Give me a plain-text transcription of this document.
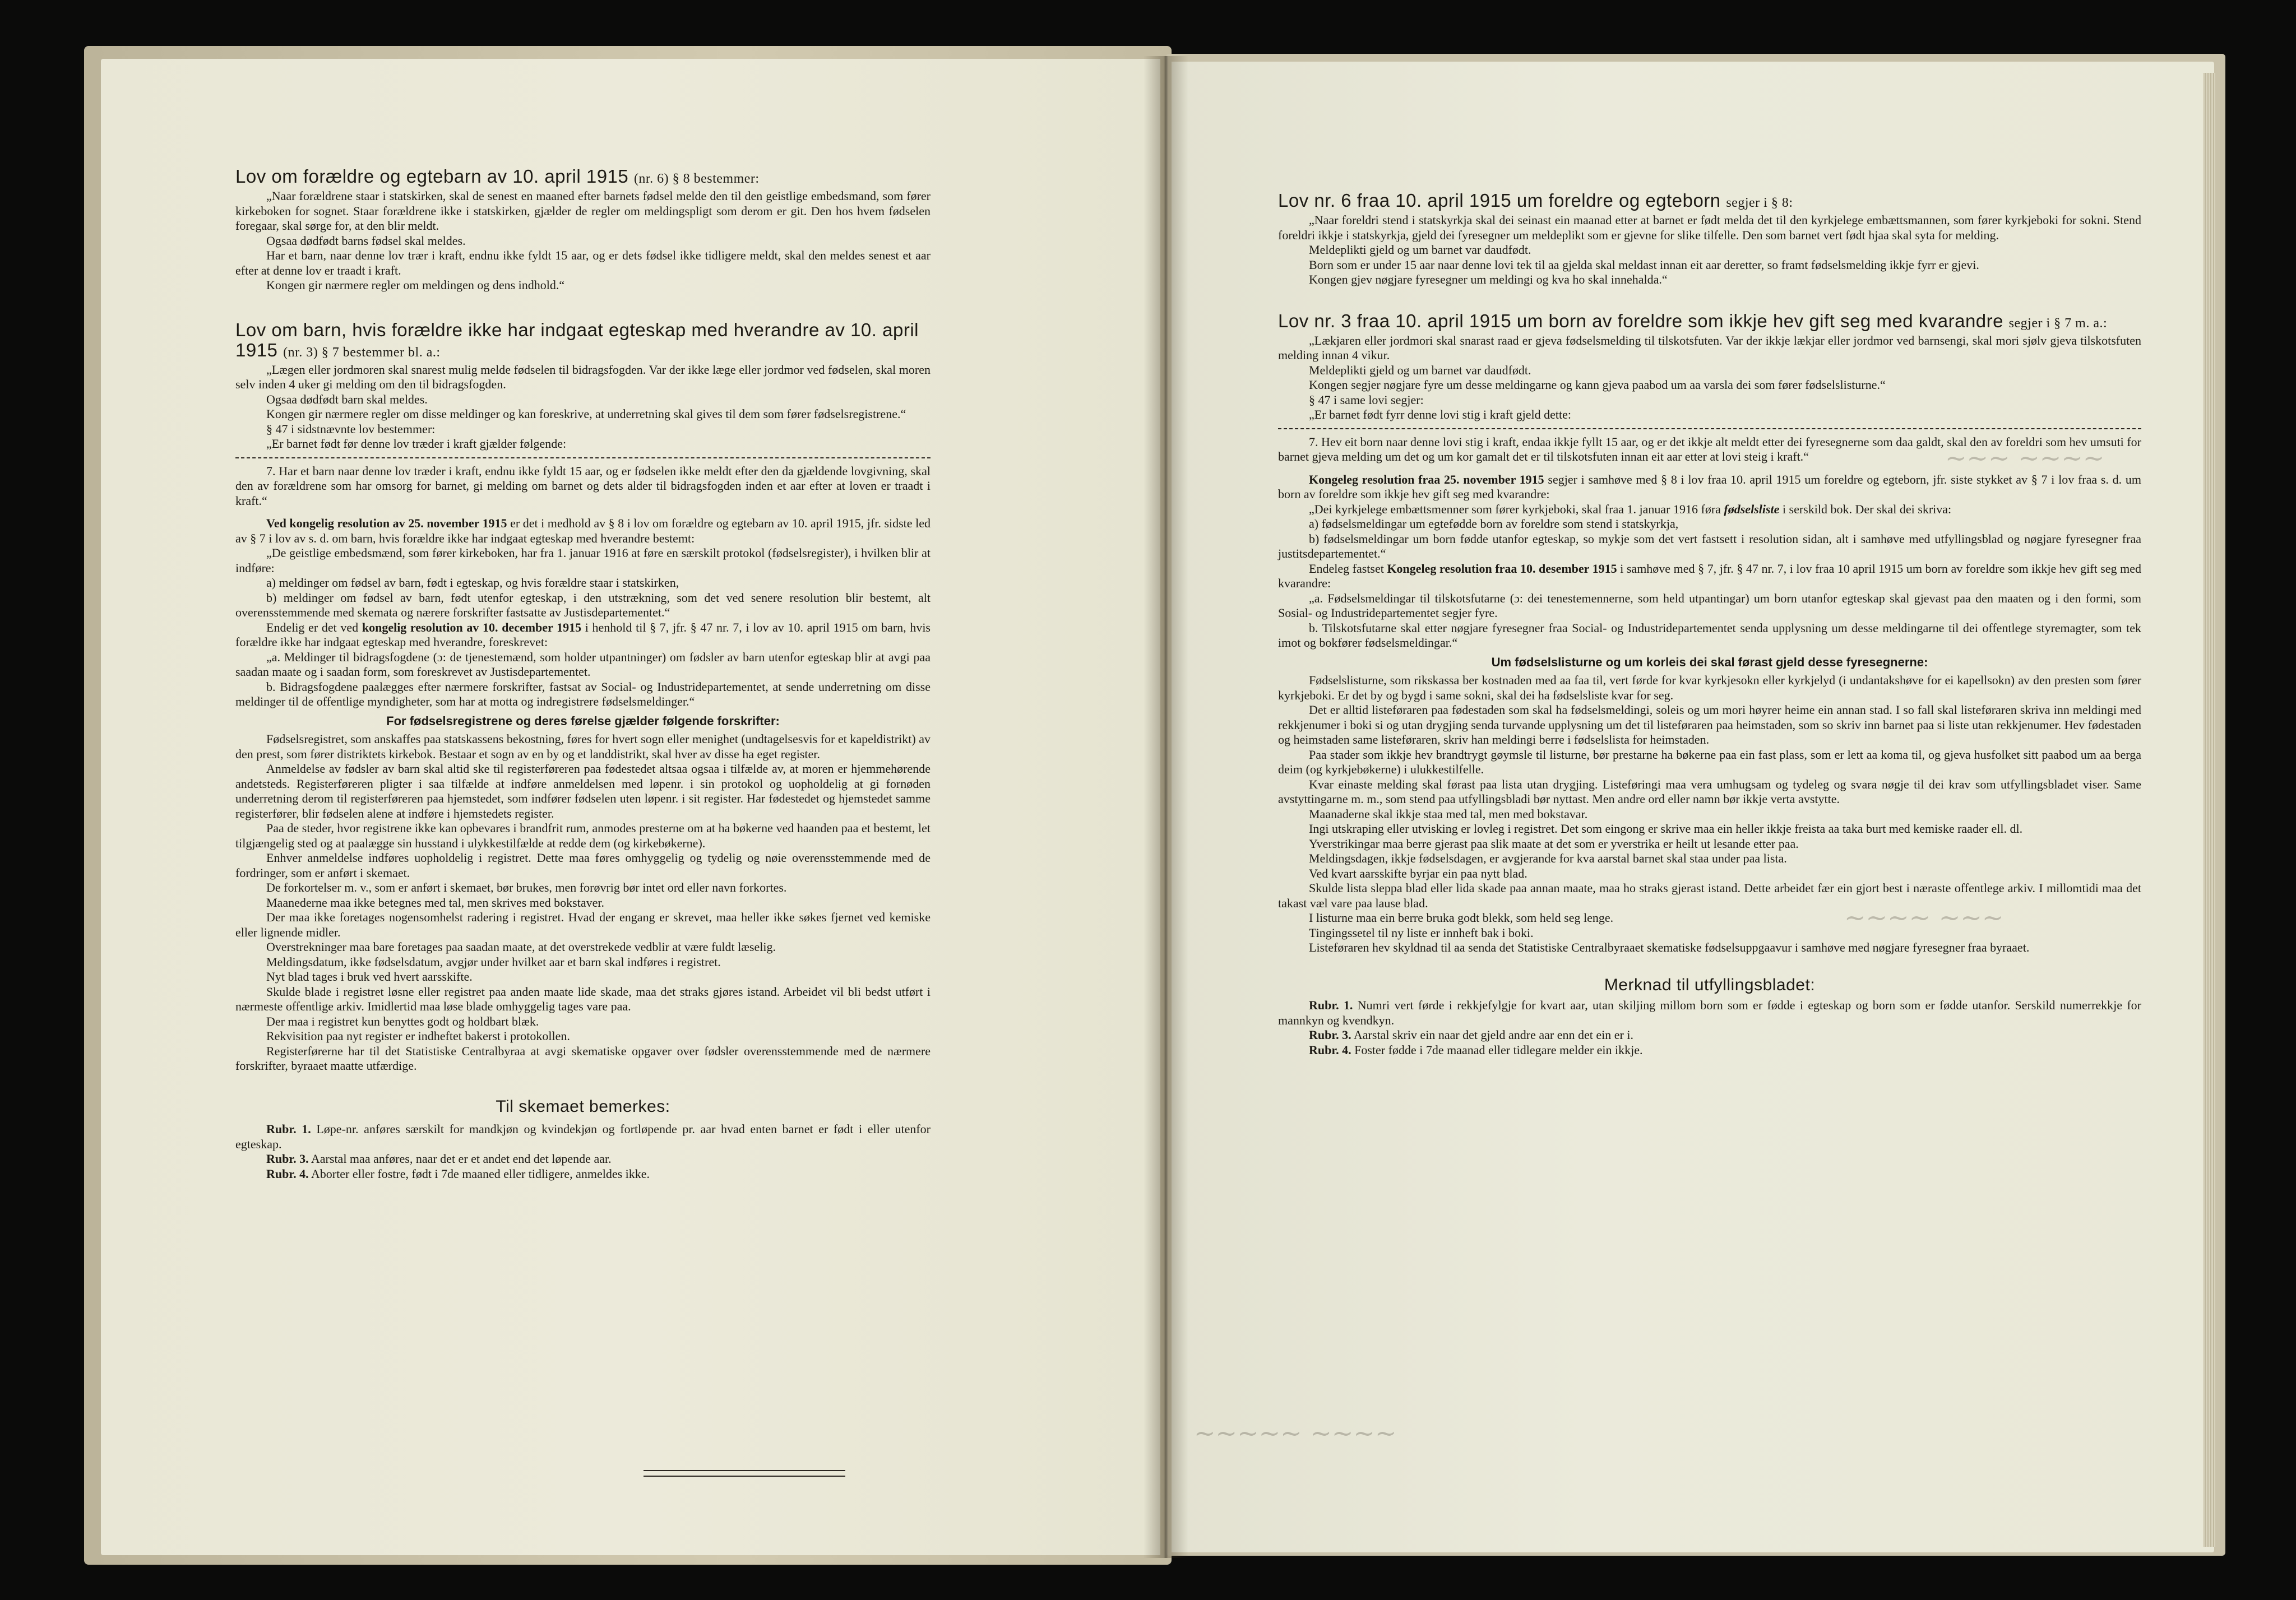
Lov om forældre og egtebarn av 10. april 1915 (nr. 6) § 8 bestemmer:

„Naar forældrene staar i statskirken, skal de senest en maaned efter barnets fødsel melde den til den geistlige embedsmand, som fører kirkeboken for sognet. Staar forældrene ikke i statskirken, gjælder de regler om meldingspligt som derom er git. Den hos hvem fødselen foregaar, skal sørge for, at den blir meldt.

Ogsaa dødfødt barns fødsel skal meldes.

Har et barn, naar denne lov trær i kraft, endnu ikke fyldt 15 aar, og er dets fødsel ikke tidligere meldt, skal den meldes senest et aar efter at denne lov er traadt i kraft.

Kongen gir nærmere regler om meldingen og dens indhold.“

Lov om barn, hvis forældre ikke har indgaat egteskap med hverandre av 10. april 1915 (nr. 3) § 7 bestemmer bl. a.:

„Lægen eller jordmoren skal snarest mulig melde fødselen til bidragsfogden. Var der ikke læge eller jordmor ved fødselen, skal moren selv inden 4 uker gi melding om den til bidragsfogden.

Ogsaa dødfødt barn skal meldes.

Kongen gir nærmere regler om disse meldinger og kan foreskrive, at underretning skal gives til dem som fører fødselsregistrene.“

§ 47 i sidstnævnte lov bestemmer:

„Er barnet født før denne lov træder i kraft gjælder følgende:

7. Har et barn naar denne lov træder i kraft, endnu ikke fyldt 15 aar, og er fødselen ikke meldt efter den da gjældende lovgivning, skal den av forældrene som har omsorg for barnet, gi melding om barnet og dets alder til bidragsfogden inden et aar efter at loven er traadt i kraft.“

Ved kongelig resolution av 25. november 1915 er det i medhold av § 8 i lov om forældre og egtebarn av 10. april 1915, jfr. sidste led av § 7 i lov av s. d. om barn, hvis forældre ikke har indgaat egteskap med hverandre bestemt:

„De geistlige embedsmænd, som fører kirkeboken, har fra 1. januar 1916 at føre en særskilt protokol (fødselsregister), i hvilken blir at indføre:

a) meldinger om fødsel av barn, født i egteskap, og hvis forældre staar i statskirken,

b) meldinger om fødsel av barn, født utenfor egteskap, i den utstrækning, som det ved senere resolution blir bestemt, alt overensstemmende med skemata og nærere forskrifter fastsatte av Justisdepartementet.“

Endelig er det ved kongelig resolution av 10. december 1915 i henhold til § 7, jfr. § 47 nr. 7, i lov av 10. april 1915 om barn, hvis forældre ikke har indgaat egteskap med hverandre, foreskrevet:

„a. Meldinger til bidragsfogdene (ɔ: de tjenestemænd, som holder utpantninger) om fødsler av barn utenfor egteskap blir at avgi paa saadan maate og i saadan form, som foreskrevet av Justisdepartementet.

b. Bidragsfogdene paalægges efter nærmere forskrifter, fastsat av Social- og Industridepartementet, at sende underretning om disse meldinger til de offentlige myndigheter, som har at motta og indregistrere fødselsmeldinger.“

For fødselsregistrene og deres førelse gjælder følgende forskrifter:

Fødselsregistret, som anskaffes paa statskassens bekostning, føres for hvert sogn eller menighet (undtagelsesvis for et kapeldistrikt) av den prest, som fører distriktets kirkebok. Bestaar et sogn av en by og et landdistrikt, skal hver av disse ha eget register.

Anmeldelse av fødsler av barn skal altid ske til registerføreren paa fødestedet altsaa ogsaa i tilfælde av, at moren er hjemmehørende andetsteds. Registerføreren pligter i saa tilfælde at indføre anmeldelsen med løpenr. i sin protokol og uopholdelig at gi fornøden underretning derom til registerføreren paa hjemstedet, som indfører fødselen uten løpenr. i sit register. Har fødestedet og hjemstedet samme registerfører, blir fødselen alene at indføre i hjemstedets register.

Paa de steder, hvor registrene ikke kan opbevares i brandfrit rum, anmodes presterne om at ha bøkerne ved haanden paa et bestemt, let tilgjængelig sted og at paalægge sin husstand i ulykkestilfælde at redde dem (og kirkebøkerne).

Enhver anmeldelse indføres uopholdelig i registret. Dette maa føres omhyggelig og tydelig og nøie overensstemmende med de fordringer, som er anført i skemaet.

De forkortelser m. v., som er anført i skemaet, bør brukes, men forøvrig bør intet ord eller navn forkortes.

Maanederne maa ikke betegnes med tal, men skrives med bokstaver.

Der maa ikke foretages nogensomhelst radering i registret. Hvad der engang er skrevet, maa heller ikke søkes fjernet ved kemiske eller lignende midler.

Overstrekninger maa bare foretages paa saadan maate, at det overstrekede vedblir at være fuldt læselig.

Meldingsdatum, ikke fødselsdatum, avgjør under hvilket aar et barn skal indføres i registret.

Nyt blad tages i bruk ved hvert aarsskifte.

Skulde blade i registret løsne eller registret paa anden maate lide skade, maa det straks gjøres istand. Arbeidet vil bli bedst utført i nærmeste offentlige arkiv. Imidlertid maa løse blade omhyggelig tages vare paa.

Der maa i registret kun benyttes godt og holdbart blæk.

Rekvisition paa nyt register er indheftet bakerst i protokollen.

Registerførerne har til det Statistiske Centralbyraa at avgi skematiske opgaver over fødsler overensstemmende med de nærmere forskrifter, byraaet maatte utfærdige.

Til skemaet bemerkes:

Rubr. 1. Løpe-nr. anføres særskilt for mandkjøn og kvindekjøn og fortløpende pr. aar hvad enten barnet er født i eller utenfor egteskap.

Rubr. 3. Aarstal maa anføres, naar det er et andet end det løpende aar.

Rubr. 4. Aborter eller fostre, født i 7de maaned eller tidligere, anmeldes ikke.

~~~ ~~~~
~~~~ ~~~
~~~~~ ~~~~
Lov nr. 6 fraa 10. april 1915 um foreldre og egteborn segjer i § 8:

„Naar foreldri stend i statskyrkja skal dei seinast ein maanad etter at barnet er født melda det til den kyrkjelege embættsmannen, som fører kyrkjeboki for sokni. Stend foreldri ikkje i statskyrkja, gjeld dei fyresegner um meldeplikt som er gjevne for slike tilfelle. Den som barnet vert født hjaa skal syta for melding.

Meldeplikti gjeld og um barnet var daudfødt.

Born som er under 15 aar naar denne lovi tek til aa gjelda skal meldast innan eit aar deretter, so framt fødselsmelding ikkje fyrr er gjevi.

Kongen gjev nøgjare fyresegner um meldingi og kva ho skal innehalda.“

Lov nr. 3 fraa 10. april 1915 um born av foreldre som ikkje hev gift seg med kvarandre segjer i § 7 m. a.:

„Lækjaren eller jordmori skal snarast raad er gjeva fødselsmelding til tilskotsfuten. Var der ikkje lækjar eller jordmor ved barnsengi, skal mori sjølv gjeva tilskotsfuten melding innan 4 vikur.

Meldeplikti gjeld og um barnet var daudfødt.

Kongen segjer nøgjare fyre um desse meldingarne og kann gjeva paabod um aa varsla dei som fører fødselslisturne.“

§ 47 i same lovi segjer:

„Er barnet født fyrr denne lovi stig i kraft gjeld dette:

7. Hev eit born naar denne lovi stig i kraft, endaa ikkje fyllt 15 aar, og er det ikkje alt meldt etter dei fyresegnerne som daa galdt, skal den av foreldri som hev umsuti for barnet gjeva melding um det og um kor gamalt det er til tilskotsfuten innan eit aar etter at lovi steig i kraft.“

Kongeleg resolution fraa 25. november 1915 segjer i samhøve med § 8 i lov fraa 10. april 1915 um foreldre og egteborn, jfr. siste stykket av § 7 i lov fraa s. d. um born av foreldre som ikkje hev gift seg med kvarandre:

„Dei kyrkjelege embættsmenner som fører kyrkjeboki, skal fraa 1. januar 1916 føra fødselsliste i serskild bok. Der skal dei skriva:

a) fødselsmeldingar um egtefødde born av foreldre som stend i statskyrkja,

b) fødselsmeldingar um born fødde utanfor egteskap, so mykje som det vert fastsett i resolution sidan, alt i samhøve med utfyllingsblad og nøgjare fyresegner fraa justitsdepartementet.“

Endeleg fastset Kongeleg resolution fraa 10. desember 1915 i samhøve med § 7, jfr. § 47 nr. 7, i lov fraa 10 april 1915 um born av foreldre som ikkje hev gift seg med kvarandre:

„a. Fødselsmeldingar til tilskotsfutarne (ɔ: dei tenestemennerne, som held utpantingar) um born utanfor egteskap skal gjevast paa den maaten og i den formi, som Sosial- og Industridepartementet segjer fyre.

b. Tilskotsfutarne skal etter nøgjare fyresegner fraa Social- og Industridepartementet senda upplysning um desse meldingarne til dei offentlege styremagter, som tek imot og bokfører fødselsmeldingar.“

Um fødselslisturne og um korleis dei skal førast gjeld desse fyresegnerne:

Fødselslisturne, som rikskassa ber kostnaden med aa faa til, vert førde for kvar kyrkjesokn eller kyrkjelyd (i undantakshøve for ei kapellsokn) av den presten som fører kyrkjeboki. Er det by og bygd i same sokni, skal dei ha fødselsliste kvar for seg.

Det er alltid listeføraren paa fødestaden som skal ha fødselsmeldingi, soleis og um mori høyrer heime ein annan stad. I so fall skal listeføraren skriva inn meldingi med rekkjenumer i boki si og utan drygjing senda turvande upplysning um det til listeføraren paa heimstaden, som so skriv inn barnet paa si liste utan rekkjenumer. Hev fødestaden og heimstaden same listeføraren, skriv han meldingi berre i fødselslista for heimstaden.

Paa stader som ikkje hev brandtrygt gøymsle til listurne, bør prestarne ha bøkerne paa ein fast plass, som er lett aa koma til, og gjeva husfolket sitt paabod um aa berga deim (og kyrkjebøkerne) i ulukkestilfelle.

Kvar einaste melding skal førast paa lista utan drygjing. Listeføringi maa vera umhugsam og tydeleg og svara nøgje til dei krav som utfyllingsbladet viser. Same avstyttingarne m. m., som stend paa utfyllingsbladi bør nyttast. Men andre ord eller namn bør ikkje verta avstytte.

Maanaderne skal ikkje staa med tal, men med bokstavar.

Ingi utskraping eller utvisking er lovleg i registret. Det som eingong er skrive maa ein heller ikkje freista aa taka burt med kemiske raader ell. dl.

Yverstrikingar maa berre gjerast paa slik maate at det som er yverstrika er heilt ut lesande etter paa.

Meldingsdagen, ikkje fødselsdagen, er avgjerande for kva aarstal barnet skal staa under paa lista.

Ved kvart aarsskifte byrjar ein paa nytt blad.

Skulde lista sleppa blad eller lida skade paa annan maate, maa ho straks gjerast istand. Dette arbeidet fær ein gjort best i næraste offentlege arkiv. I millomtidi maa det takast væl vare paa lause blad.

I listurne maa ein berre bruka godt blekk, som held seg lenge.

Tingingssetel til ny liste er innheft bak i boki.

Listeføraren hev skyldnad til aa senda det Statistiske Centralbyraaet skematiske fødselsuppgaavur i samhøve med nøgjare fyresegner fraa byraaet.

Merknad til utfyllingsbladet:

Rubr. 1. Numri vert førde i rekkjefylgje for kvart aar, utan skiljing millom born som er fødde i egteskap og born som er fødde utanfor. Serskild numerrekkje for mannkyn og kvendkyn.

Rubr. 3. Aarstal skriv ein naar det gjeld andre aar enn det ein er i.

Rubr. 4. Foster fødde i 7de maanad eller tidlegare melder ein ikkje.
